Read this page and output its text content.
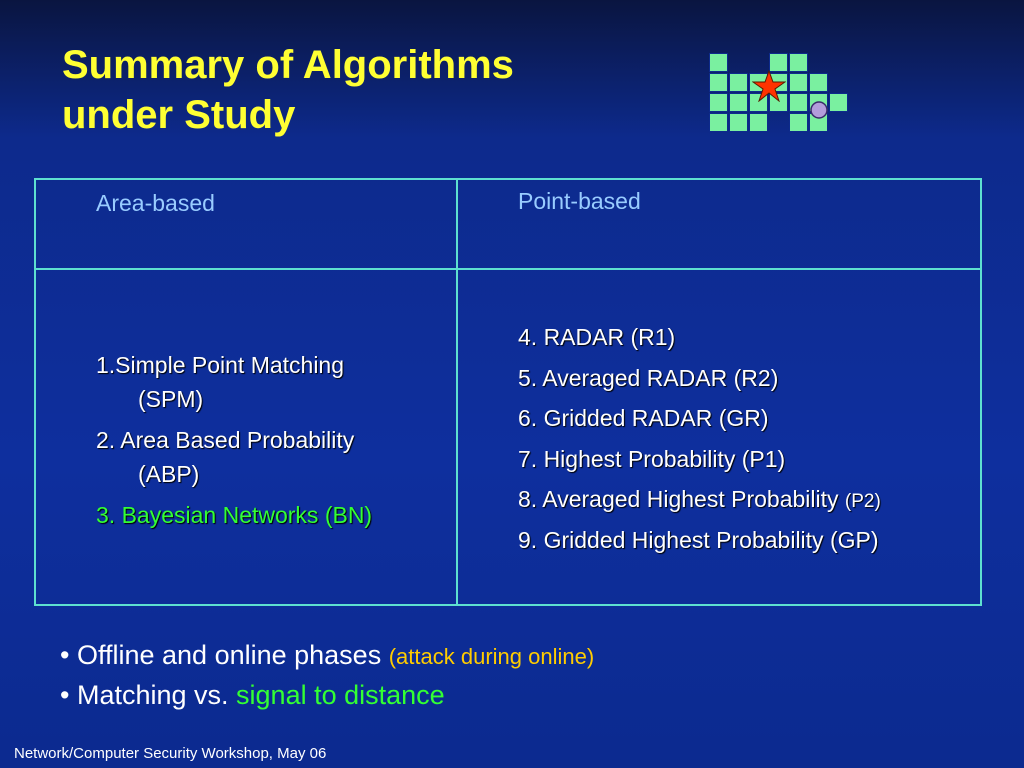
Summary of Algorithms
under Study
Area-based	Point-based
1.Simple Point Matching
(SPM)
2. Area Based Probability
(ABP)
3. Bayesian Networks (BN)
4. RADAR (R1)
5. Averaged RADAR (R2)
6. Gridded RADAR (GR)
7. Highest Probability (P1)
8. Averaged Highest Probability (P2)
9. Gridded Highest Probability (GP)
• Offline and online phases (attack during online)
• Matching vs. signal to distance
Network/Computer Security Workshop, May 06
